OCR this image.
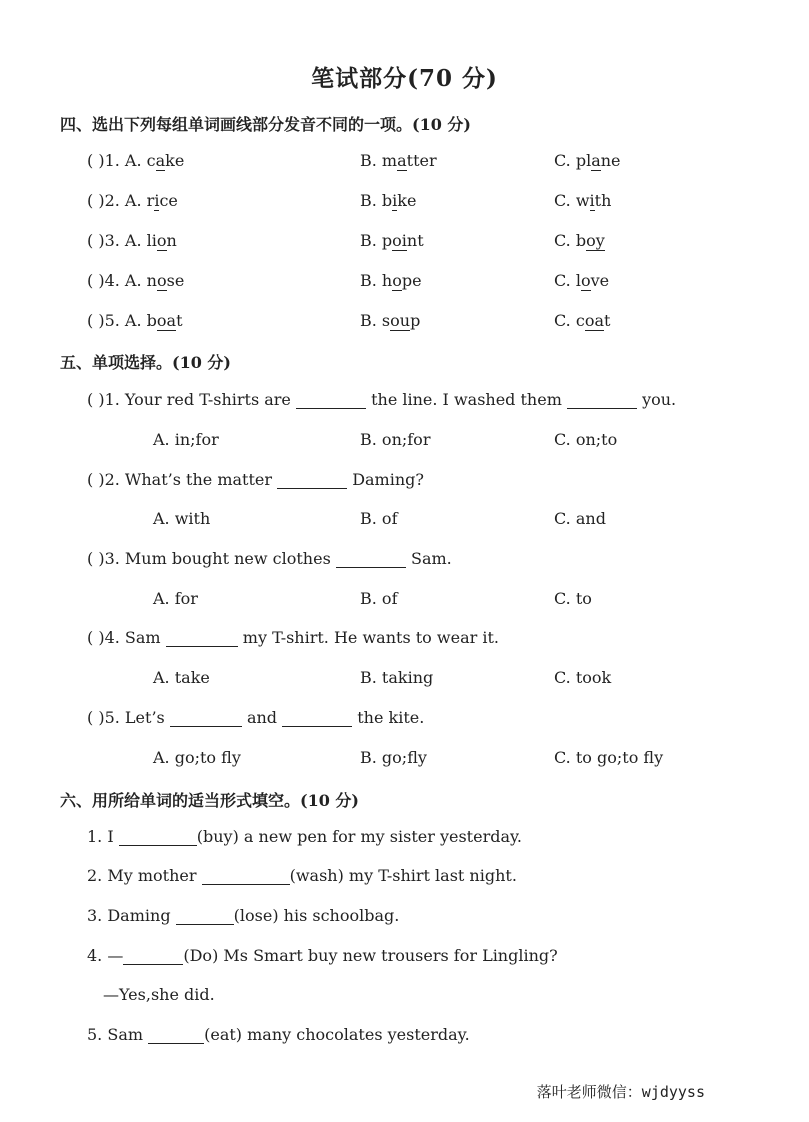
笔试部分(70 分)
四、选出下列每组单词画线部分发音不同的一项。(10 分)
( )1. A. cake	B. matter	C. plane
( )2. A. rice	B. bike	C. with
( )3. A. lion	B. point	C. boy
( )4. A. nose	B. hope	C. love
( )5. A. boat	B. soup	C. coat
五、单项选择。(10 分)
( )1. Your red T-shirts are	the line. I washed them	you.
A. in;for	B. on;for	C. on;to
( )2. What’s the matter	Daming?
A. with	B. of	C. and
( )3. Mum bought new clothes	Sam.
A. for	B. of	C. to
( )4. Sam	my T-shirt. He wants to wear it.
A. take	B. taking	C. took
( )5. Let’s	and	the kite.
A. go;to fly	B. go;fly	C. to go;to fly
六、用所给单词的适当形式填空。(10 分)
1. I	(buy) a new pen for my sister yesterday.
2. My mother	(wash) my T-shirt last night.
3. Daming	(lose) his schoolbag.
4. —	(Do) Ms Smart buy new trousers for Lingling?
—Yes,she did.
5. Sam	(eat) many chocolates yesterday.
落叶老师微信：wjdyyss
